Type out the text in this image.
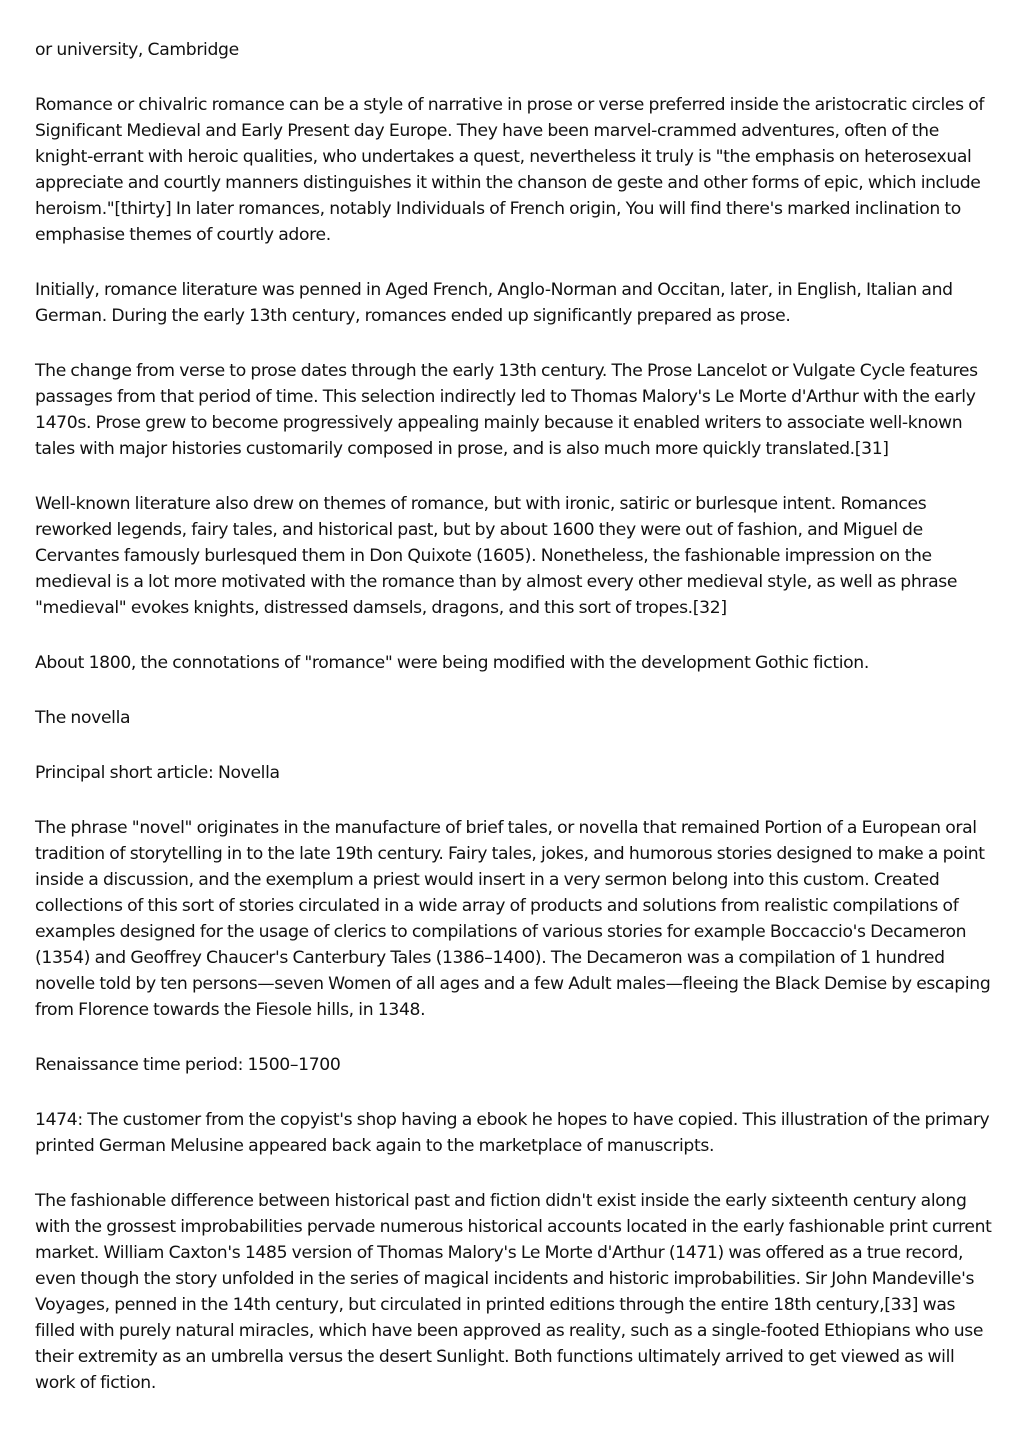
or university, Cambridge

Romance or chivalric romance can be a style of narrative in prose or verse preferred inside the aristocratic circles of Significant Medieval and Early Present day Europe. They have been marvel-crammed adventures, often of the knight-errant with heroic qualities, who undertakes a quest, nevertheless it truly is "the emphasis on heterosexual appreciate and courtly manners distinguishes it within the chanson de geste and other forms of epic, which include heroism."[thirty] In later romances, notably Individuals of French origin, You will find there's marked inclination to emphasise themes of courtly adore.

Initially, romance literature was penned in Aged French, Anglo-Norman and Occitan, later, in English, Italian and German. During the early 13th century, romances ended up significantly prepared as prose.

The change from verse to prose dates through the early 13th century. The Prose Lancelot or Vulgate Cycle features passages from that period of time. This selection indirectly led to Thomas Malory's Le Morte d'Arthur with the early 1470s. Prose grew to become progressively appealing mainly because it enabled writers to associate well-known tales with major histories customarily composed in prose, and is also much more quickly translated.[31]

Well-known literature also drew on themes of romance, but with ironic, satiric or burlesque intent. Romances reworked legends, fairy tales, and historical past, but by about 1600 they were out of fashion, and Miguel de Cervantes famously burlesqued them in Don Quixote (1605). Nonetheless, the fashionable impression on the medieval is a lot more motivated with the romance than by almost every other medieval style, as well as phrase "medieval" evokes knights, distressed damsels, dragons, and this sort of tropes.[32]

About 1800, the connotations of "romance" were being modified with the development Gothic fiction.

The novella

Principal short article: Novella

The phrase "novel" originates in the manufacture of brief tales, or novella that remained Portion of a European oral tradition of storytelling in to the late 19th century. Fairy tales, jokes, and humorous stories designed to make a point inside a discussion, and the exemplum a priest would insert in a very sermon belong into this custom. Created collections of this sort of stories circulated in a wide array of products and solutions from realistic compilations of examples designed for the usage of clerics to compilations of various stories for example Boccaccio's Decameron (1354) and Geoffrey Chaucer's Canterbury Tales (1386–1400). The Decameron was a compilation of 1 hundred novelle told by ten persons—seven Women of all ages and a few Adult males—fleeing the Black Demise by escaping from Florence towards the Fiesole hills, in 1348.

Renaissance time period: 1500–1700

1474: The customer from the copyist's shop having a ebook he hopes to have copied. This illustration of the primary printed German Melusine appeared back again to the marketplace of manuscripts.

The fashionable difference between historical past and fiction didn't exist inside the early sixteenth century along with the grossest improbabilities pervade numerous historical accounts located in the early fashionable print current market. William Caxton's 1485 version of Thomas Malory's Le Morte d'Arthur (1471) was offered as a true record, even though the story unfolded in the series of magical incidents and historic improbabilities. Sir John Mandeville's Voyages, penned in the 14th century, but circulated in printed editions through the entire 18th century,[33] was filled with purely natural miracles, which have been approved as reality, such as a single-footed Ethiopians who use their extremity as an umbrella versus the desert Sunlight. Both functions ultimately arrived to get viewed as will work of fiction.
